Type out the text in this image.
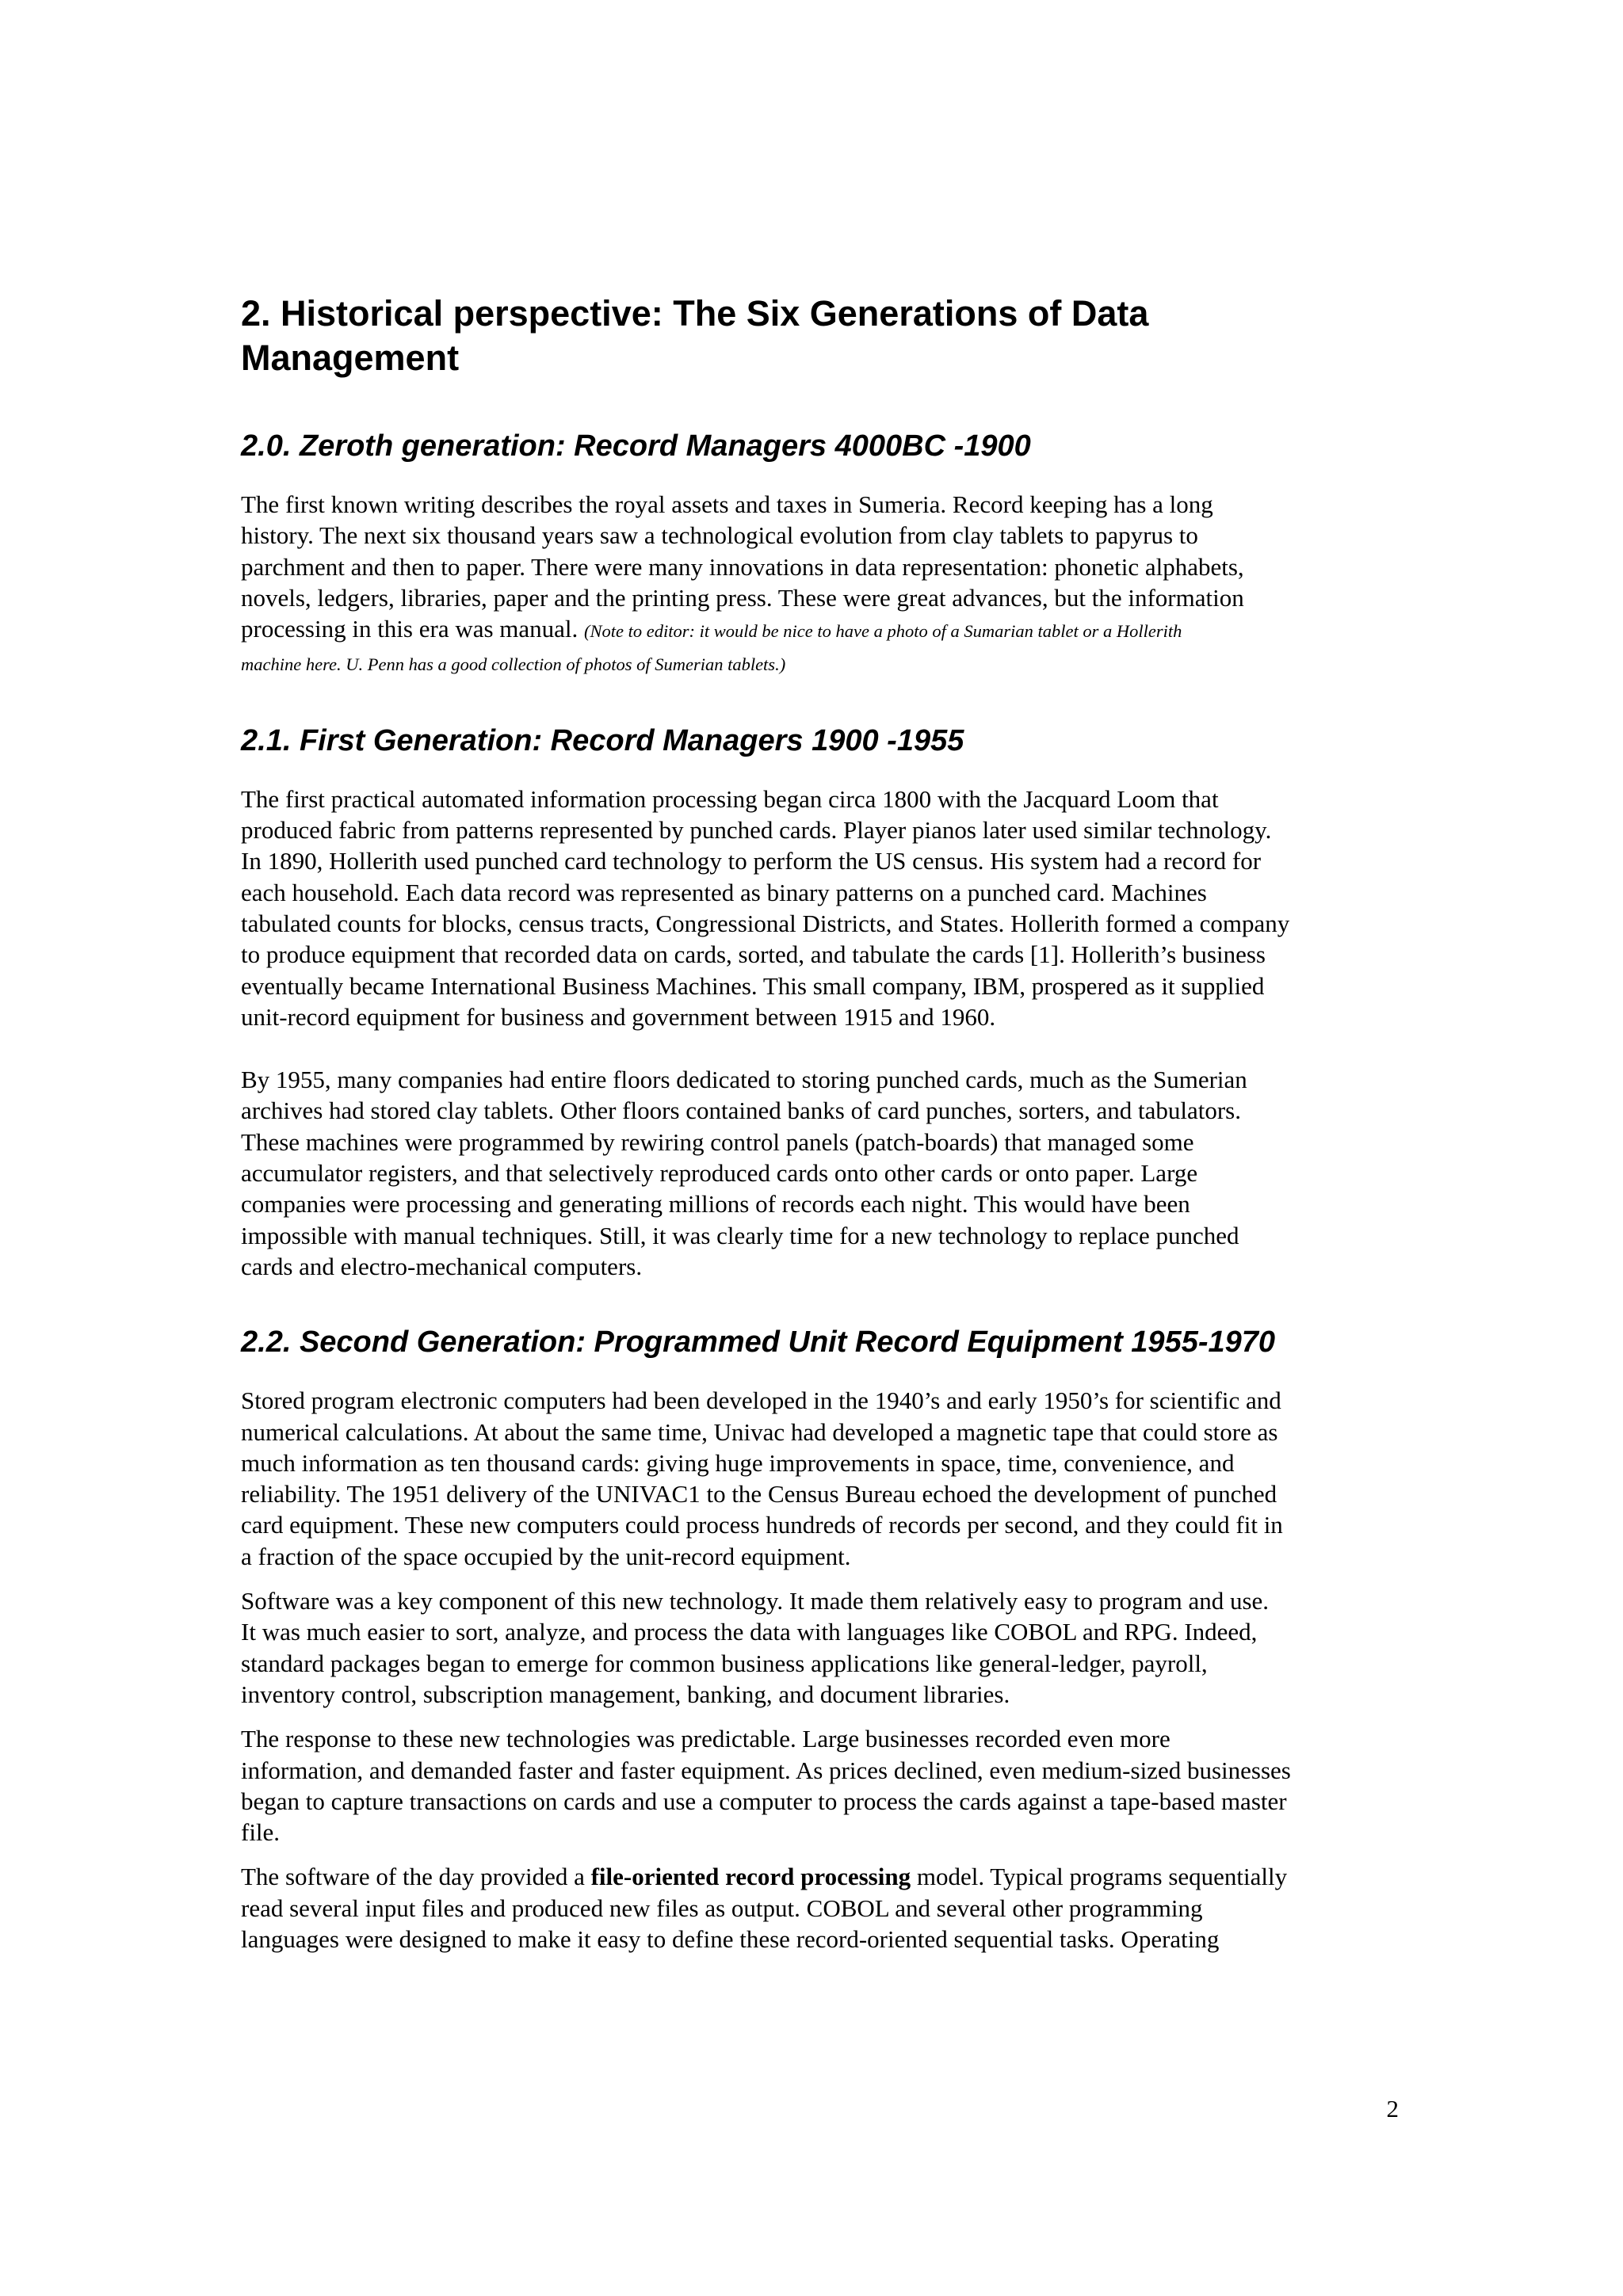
2. Historical perspective: The Six Generations of Data
Management
2.0. Zeroth generation: Record Managers 4000BC -1900

The first known writing describes the royal assets and taxes in Sumeria. Record keeping has a long
history. The next six thousand years saw a technological evolution from clay tablets to papyrus to
parchment and then to paper. There were many innovations in data representation: phonetic alphabets,
novels, ledgers, libraries, paper and the printing press. These were great advances, but the information
processing in this era was manual. (Note to editor: it would be nice to have a photo of a Sumarian tablet or a Hollerith
machine here. U. Penn has a good collection of photos of Sumerian tablets.)

2.1. First Generation: Record Managers 1900 -1955

The first practical automated information processing began circa 1800 with the Jacquard Loom that
produced fabric from patterns represented by punched cards. Player pianos later used similar technology.
In 1890, Hollerith used punched card technology to perform the US census. His system had a record for
each household. Each data record was represented as binary patterns on a punched card. Machines
tabulated counts for blocks, census tracts, Congressional Districts, and States. Hollerith formed a company
to produce equipment that recorded data on cards, sorted, and tabulate the cards [1]. Hollerith’s business
eventually became International Business Machines. This small company, IBM, prospered as it supplied
unit-record equipment for business and government between 1915 and 1960.

By 1955, many companies had entire floors dedicated to storing punched cards, much as the Sumerian
archives had stored clay tablets. Other floors contained banks of card punches, sorters, and tabulators.
These machines were programmed by rewiring control panels (patch-boards) that managed some
accumulator registers, and that selectively reproduced cards onto other cards or onto paper. Large
companies were processing and generating millions of records each night. This would have been
impossible with manual techniques. Still, it was clearly time for a new technology to replace punched
cards and electro-mechanical computers.

2.2. Second Generation: Programmed Unit Record Equipment 1955-1970

Stored program electronic computers had been developed in the 1940’s and early 1950’s for scientific and
numerical calculations. At about the same time, Univac had developed a magnetic tape that could store as
much information as ten thousand cards: giving huge improvements in space, time, convenience, and
reliability. The 1951 delivery of the UNIVAC1 to the Census Bureau echoed the development of punched
card equipment. These new computers could process hundreds of records per second, and they could fit in
a fraction of the space occupied by the unit-record equipment.

Software was a key component of this new technology. It made them relatively easy to program and use.
It was much easier to sort, analyze, and process the data with languages like COBOL and RPG. Indeed,
standard packages began to emerge for common business applications like general-ledger, payroll,
inventory control, subscription management, banking, and document libraries.

The response to these new technologies was predictable. Large businesses recorded even more
information, and demanded faster and faster equipment. As prices declined, even medium-sized businesses
began to capture transactions on cards and use a computer to process the cards against a tape-based master
file.

The software of the day provided a file-oriented record processing model. Typical programs sequentially
read several input files and produced new files as output. COBOL and several other programming
languages were designed to make it easy to define these record-oriented sequential tasks. Operating

2
